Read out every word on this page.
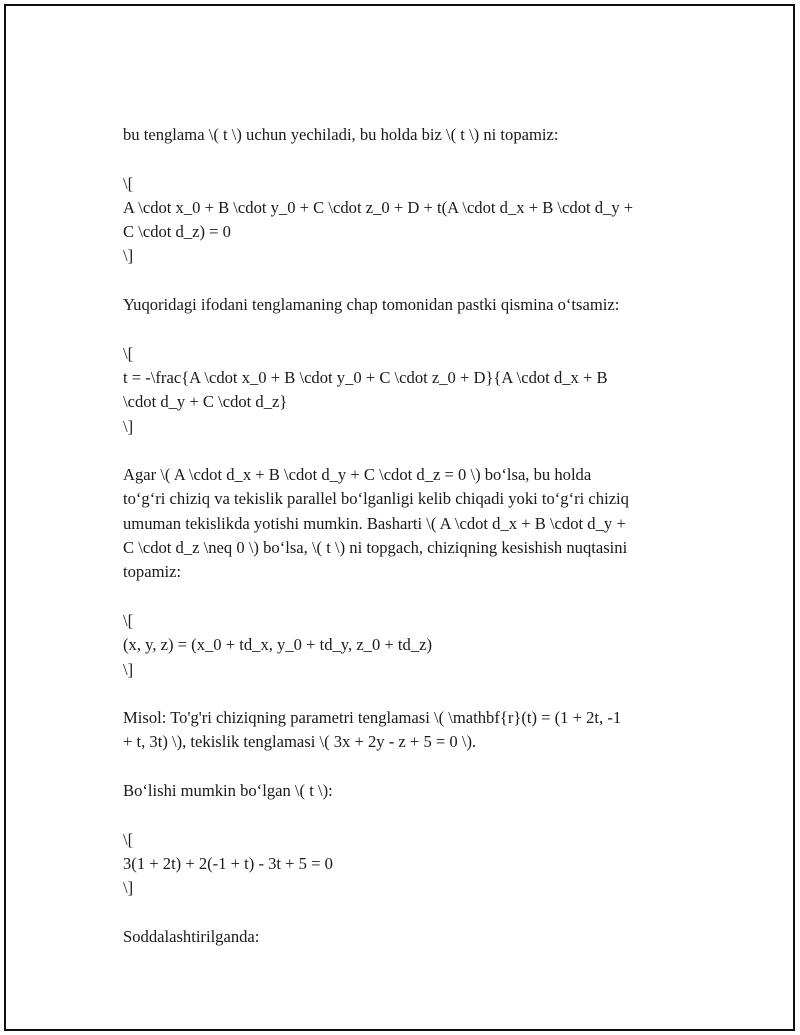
bu tenglama \( t \) uchun yechiladi, bu holda biz \( t \) ni topamiz:

\[
A \cdot x_0 + B \cdot y_0 + C \cdot z_0 + D + t(A \cdot d_x + B \cdot d_y +
C \cdot d_z) = 0
\]

Yuqoridagi ifodani tenglamaning chap tomonidan pastki qismina o‘tsamiz:

\[
t = -\frac{A \cdot x_0 + B \cdot y_0 + C \cdot z_0 + D}{A \cdot d_x + B
\cdot d_y + C \cdot d_z}
\]

Agar \( A \cdot d_x + B \cdot d_y + C \cdot d_z = 0 \) bo‘lsa, bu holda
to‘g‘ri chiziq va tekislik parallel bo‘lganligi kelib chiqadi yoki to‘g‘ri chiziq
umuman tekislikda yotishi mumkin. Basharti \( A \cdot d_x + B \cdot d_y +
C \cdot d_z \neq 0 \) bo‘lsa, \( t \) ni topgach, chiziqning kesishish nuqtasini
topamiz:

\[
(x, y, z) = (x_0 + td_x, y_0 + td_y, z_0 + td_z)
\]

Misol: To'g'ri chiziqning parametri tenglamasi \( \mathbf{r}(t) = (1 + 2t, -1
+ t, 3t) \), tekislik tenglamasi \( 3x + 2y - z + 5 = 0 \).

Bo‘lishi mumkin bo‘lgan \( t \):

\[
3(1 + 2t) + 2(-1 + t) - 3t + 5 = 0
\]

Soddalashtirilganda:
